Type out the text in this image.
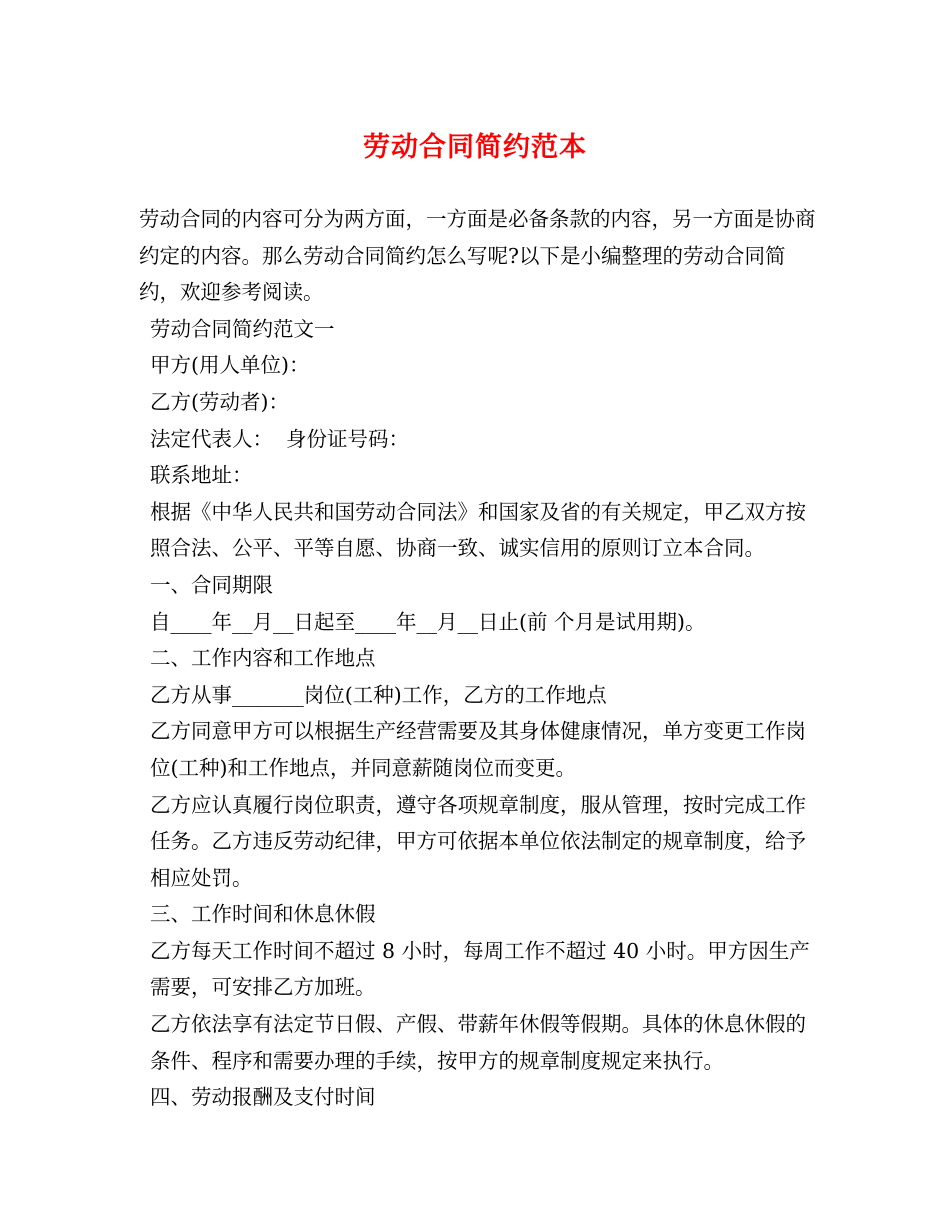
劳动合同简约范本

劳动合同的内容可分为两方面，一方面是必备条款的内容，另一方面是协商约定的内容。那么劳动合同简约怎么写呢?以下是小编整理的劳动合同简约，欢迎参考阅读。

劳动合同简约范文一

甲方(用人单位)：

乙方(劳动者)：

法定代表人：  身份证号码：

联系地址：

根据《中华人民共和国劳动合同法》和国家及省的有关规定，甲乙双方按照合法、公平、平等自愿、协商一致、诚实信用的原则订立本合同。

一、合同期限

自____年__月__日起至____年__月__日止(前 个月是试用期)。

二、工作内容和工作地点

乙方从事_______岗位(工种)工作，乙方的工作地点

乙方同意甲方可以根据生产经营需要及其身体健康情况，单方变更工作岗位(工种)和工作地点，并同意薪随岗位而变更。

乙方应认真履行岗位职责，遵守各项规章制度，服从管理，按时完成工作任务。乙方违反劳动纪律，甲方可依据本单位依法制定的规章制度，给予相应处罚。

三、工作时间和休息休假

乙方每天工作时间不超过 8 小时，每周工作不超过 40 小时。甲方因生产需要，可安排乙方加班。

乙方依法享有法定节日假、产假、带薪年休假等假期。具体的休息休假的条件、程序和需要办理的手续，按甲方的规章制度规定来执行。

四、劳动报酬及支付时间
